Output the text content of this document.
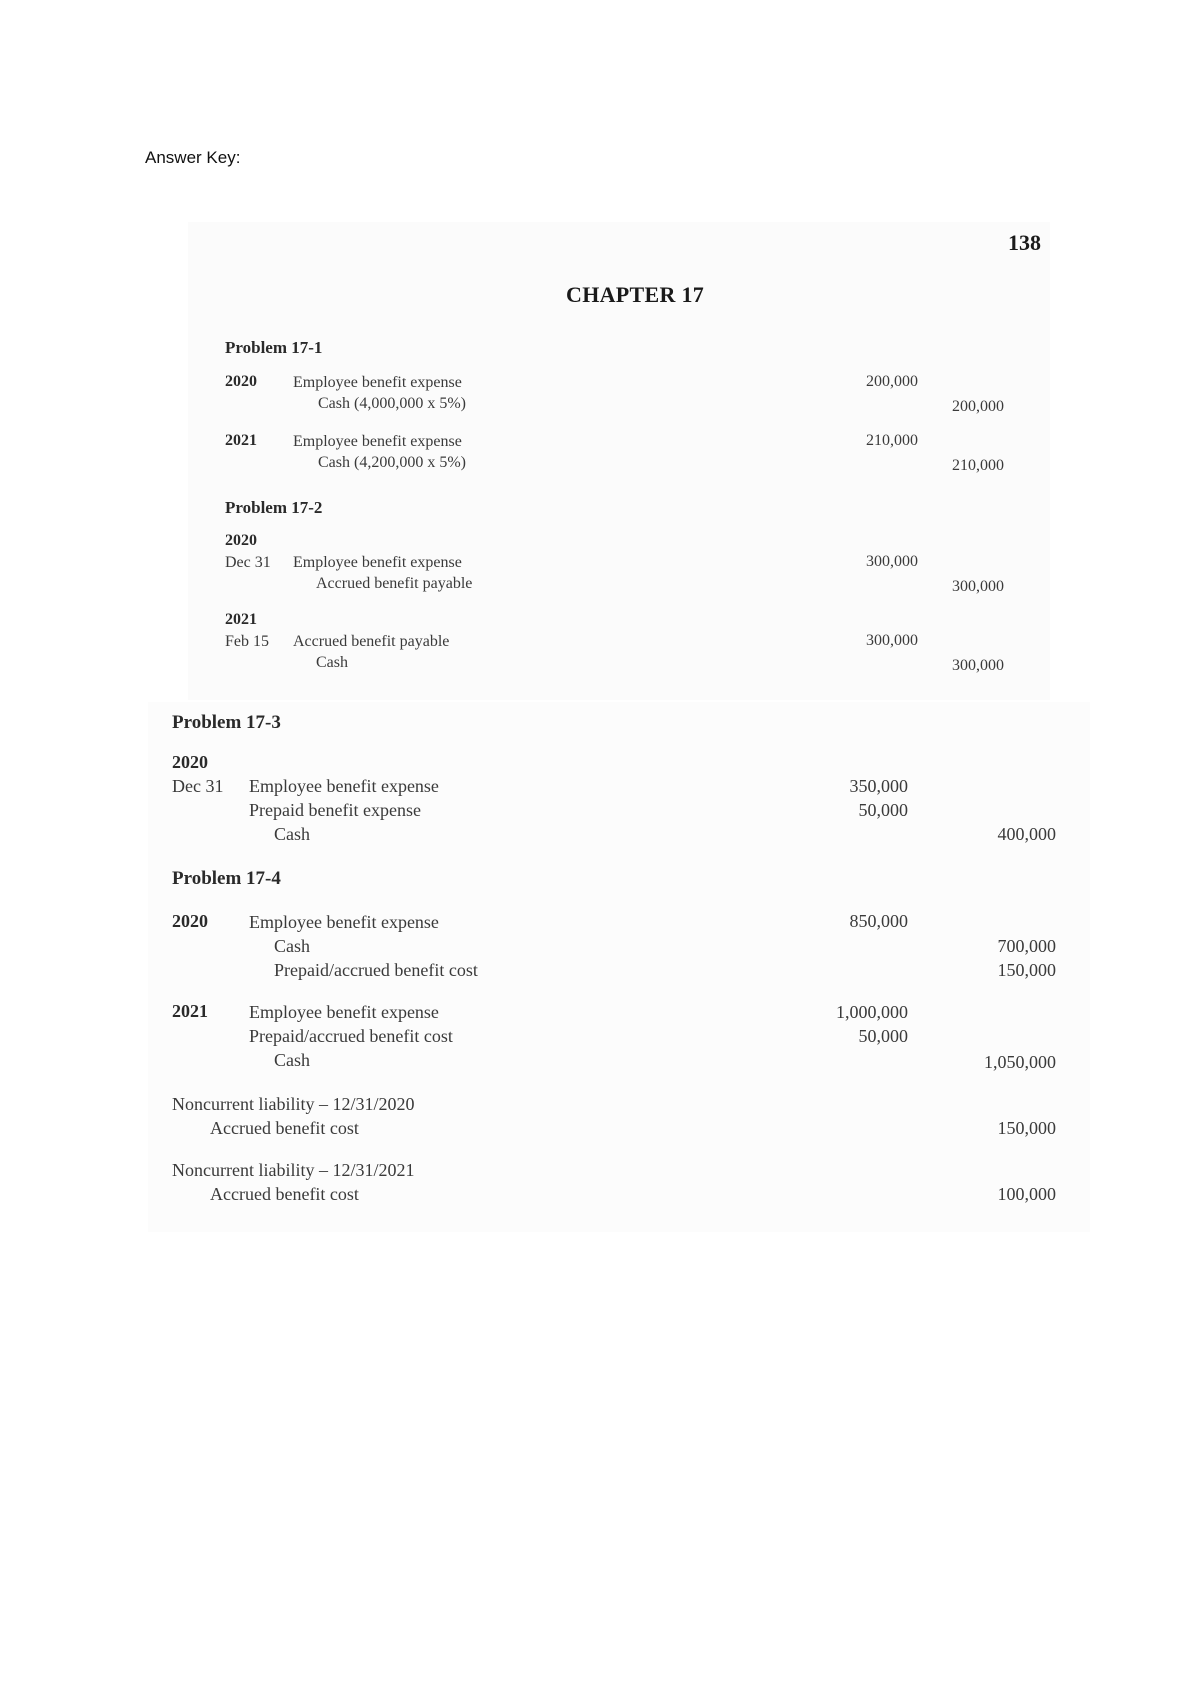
Answer Key:
138
CHAPTER 17
Problem 17-1
2020 Employee benefit expense
Cash (4,000,000 x 5%)
200,000
200,000
2021 Employee benefit expense
Cash (4,200,000 x 5%)
210,000
210,000
Problem 17-2
2020
Dec 31 Employee benefit expense
Accrued benefit payable
300,000
300,000
2021
Feb 15 Accrued benefit payable
Cash
300,000
300,000
Problem 17-3
2020
Dec 31 Employee benefit expense
Prepaid benefit expense
Cash
350,000
50,000
400,000
Problem 17-4
2020 Employee benefit expense
Cash
Prepaid/accrued benefit cost
850,000
700,000
150,000
2021 Employee benefit expense
Prepaid/accrued benefit cost
Cash
1,000,000
50,000
1,050,000
Noncurrent liability – 12/31/2020
Accrued benefit cost	150,000
Noncurrent liability – 12/31/2021
Accrued benefit cost	100,000
